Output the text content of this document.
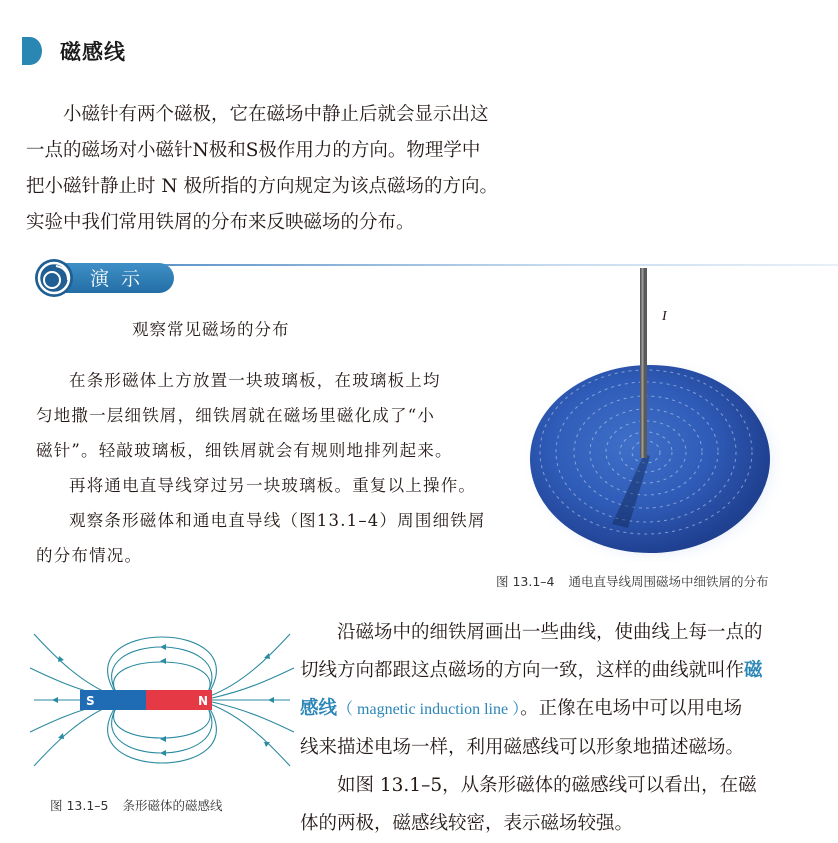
磁感线

小磁针有两个磁极，它在磁场中静止后就会显示出这

一点的磁场对小磁针N极和S极作用力的方向。物理学中

把小磁针静止时 N 极所指的方向规定为该点磁场的方向。

实验中我们常用铁屑的分布来反映磁场的分布。

演示
观察常见磁场的分布

在条形磁体上方放置一块玻璃板，在玻璃板上均

匀地撒一层细铁屑，细铁屑就在磁场里磁化成了“小

磁针”。轻敲玻璃板，细铁屑就会有规则地排列起来。

再将通电直导线穿过另一块玻璃板。重复以上操作。

观察条形磁体和通电直导线（图13.1–4）周围细铁屑

的分布情况。

I
图 13.1–4 通电直导线周围磁场中细铁屑的分布
S	N
图 13.1–5 条形磁体的磁感线

沿磁场中的细铁屑画出一些曲线，使曲线上每一点的

切线方向都跟这点磁场的方向一致，这样的曲线就叫作磁

感线（ magnetic induction line ）。正像在电场中可以用电场

线来描述电场一样，利用磁感线可以形象地描述磁场。

如图 13.1–5，从条形磁体的磁感线可以看出，在磁

体的两极，磁感线较密，表示磁场较强。
